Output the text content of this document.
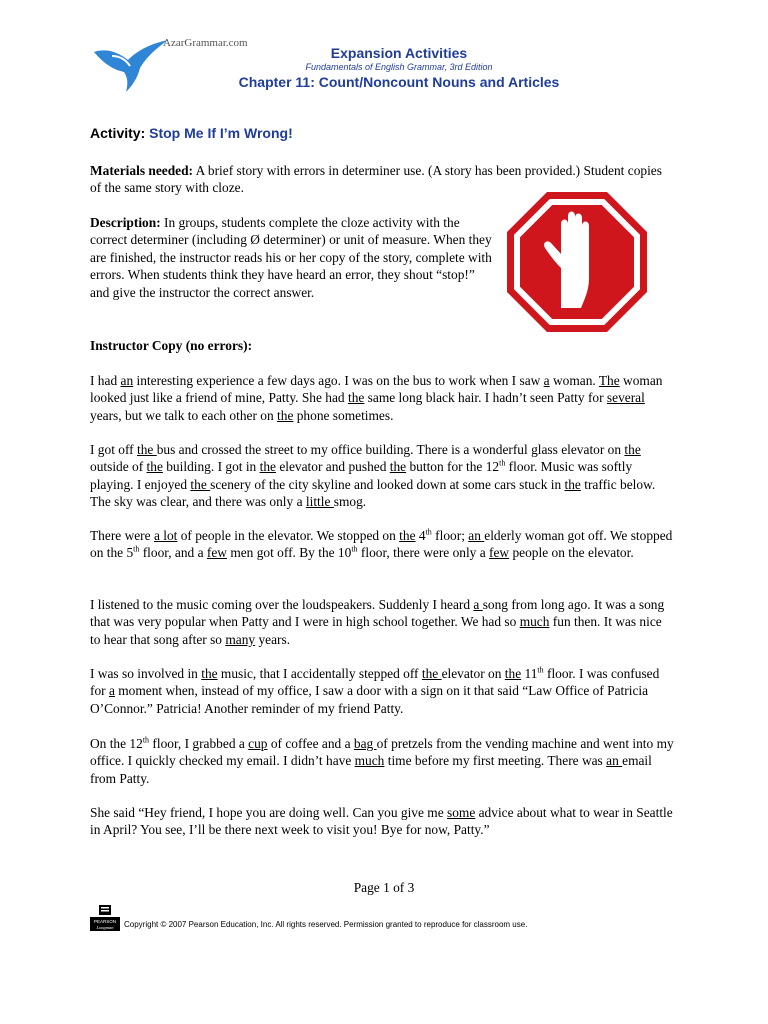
AzarGrammar.com
Expansion Activities
Fundamentals of English Grammar, 3rd Edition
Chapter 11: Count/Noncount Nouns and Articles
Activity: Stop Me If I’m Wrong!

Materials needed: A brief story with errors in determiner use. (A story has been provided.) Student copies of the same story with cloze.

Description: In groups, students complete the cloze activity with the correct determiner (including Ø determiner) or unit of measure. When they are finished, the instructor reads his or her copy of the story, complete with errors. When students think they have heard an error, they shout “stop!” and give the instructor the correct answer.

Instructor Copy (no errors):

I had an interesting experience a few days ago. I was on the bus to work when I saw a woman. The woman looked just like a friend of mine, Patty. She had the same long black hair. I hadn’t seen Patty for several years, but we talk to each other on the phone sometimes.

I got off the bus and crossed the street to my office building. There is a wonderful glass elevator on the outside of the building. I got in the elevator and pushed the button for the 12th floor. Music was softly playing. I enjoyed the scenery of the city skyline and looked down at some cars stuck in the traffic below. The sky was clear, and there was only a little smog.

There were a lot of people in the elevator. We stopped on the 4th floor; an elderly woman got off. We stopped on the 5th floor, and a few men got off. By the 10th floor, there were only a few people on the elevator.

I listened to the music coming over the loudspeakers. Suddenly I heard a song from long ago. It was a song that was very popular when Patty and I were in high school together. We had so much fun then. It was nice to hear that song after so many years.

I was so involved in the music, that I accidentally stepped off the elevator on the 11th floor. I was confused for a moment when, instead of my office, I saw a door with a sign on it that said “Law Office of Patricia O’Connor.” Patricia! Another reminder of my friend Patty.

On the 12th floor, I grabbed a cup of coffee and a bag of pretzels from the vending machine and went into my office. I quickly checked my email. I didn’t have much time before my first meeting. There was an email from Patty.

She said “Hey friend, I hope you are doing well. Can you give me some advice about what to wear in Seattle in April? You see, I’ll be there next week to visit you! Bye for now, Patty.”

Page 1 of 3
PEARSON
Longman Copyright © 2007 Pearson Education, Inc. All rights reserved. Permission granted to reproduce for classroom use.
